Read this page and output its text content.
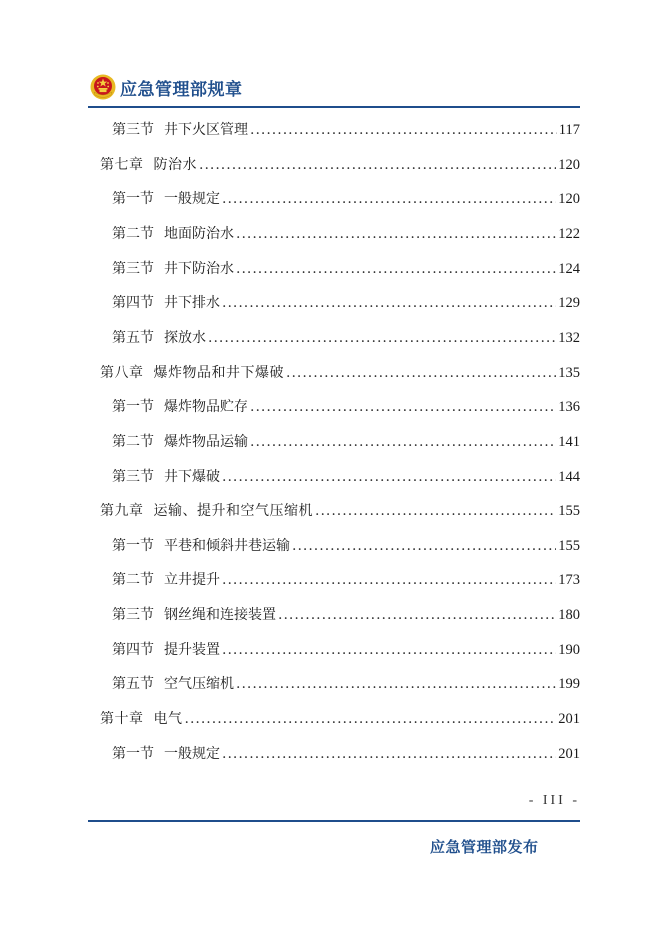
应急管理部规章
第三节 井下火区管理 .....	117
第七章 防治水 .....	120
第一节 一般规定 .....	120
第二节 地面防治水 .....	122
第三节 井下防治水 .....	124
第四节 井下排水 .....	129
第五节 探放水 .....	132
第八章 爆炸物品和井下爆破 .....	135
第一节 爆炸物品贮存 .....	136
第二节 爆炸物品运输 .....	141
第三节 井下爆破 .....	144
第九章 运输、提升和空气压缩机 .....	155
第一节 平巷和倾斜井巷运输 .....	155
第二节 立井提升 .....	173
第三节 钢丝绳和连接装置 .....	180
第四节 提升装置 .....	190
第五节 空气压缩机 .....	199
第十章 电气 .....	201
第一节 一般规定 .....	201
- III -
应急管理部发布
